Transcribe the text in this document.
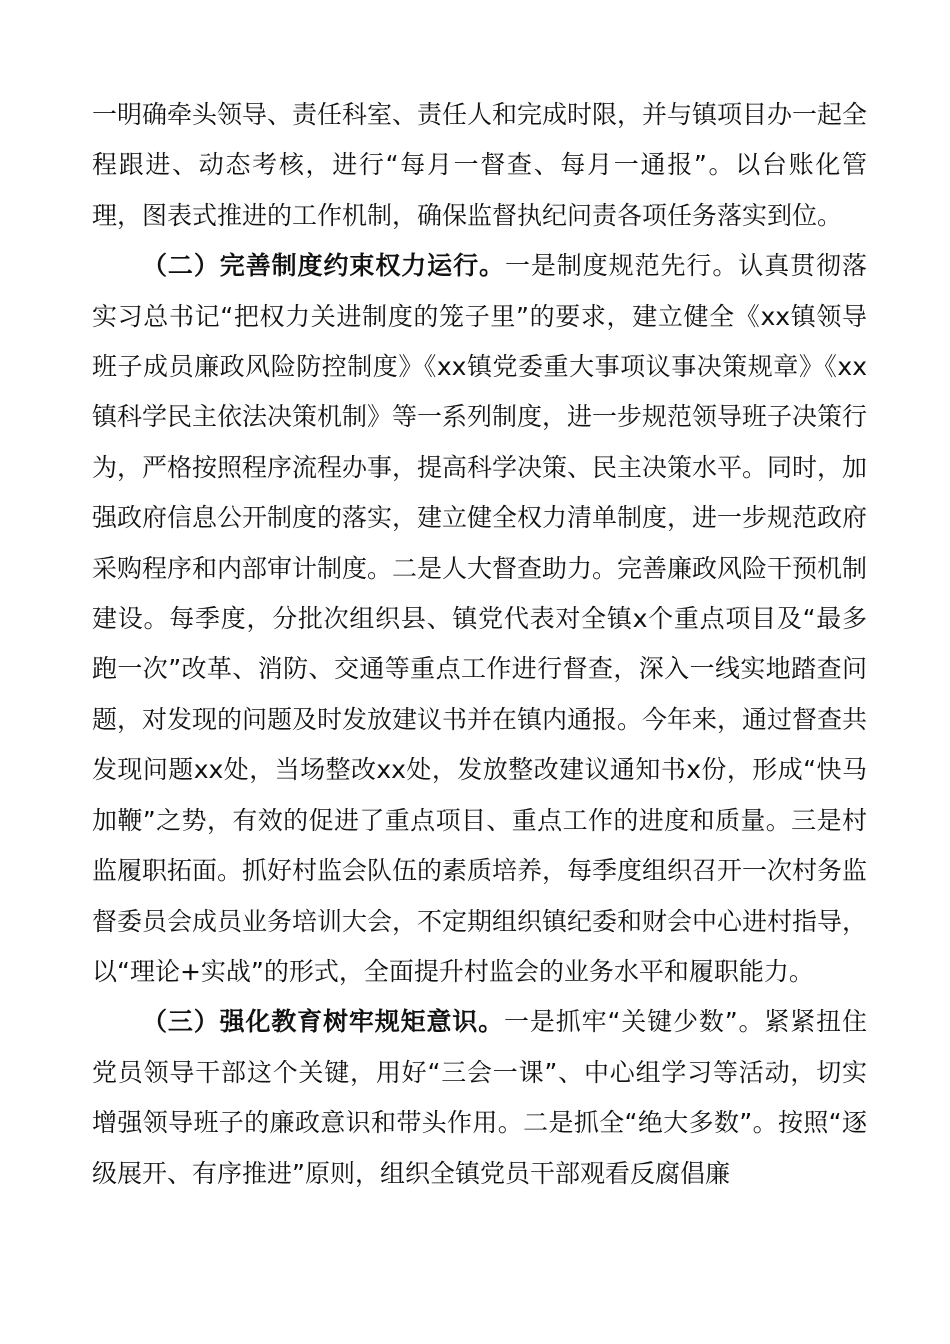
一明确牵头领导、责任科室、责任人和完成时限，并与镇项目办一起全程跟进、动态考核，进行“每月一督查、每月一通报”。以台账化管理，图表式推进的工作机制，确保监督执纪问责各项任务落实到位。

（二）完善制度约束权力运行。一是制度规范先行。认真贯彻落实习总书记“把权力关进制度的笼子里”的要求，建立健全《xx镇领导班子成员廉政风险防控制度》《xx镇党委重大事项议事决策规章》《xx镇科学民主依法决策机制》等一系列制度，进一步规范领导班子决策行为，严格按照程序流程办事，提高科学决策、民主决策水平。同时，加强政府信息公开制度的落实，建立健全权力清单制度，进一步规范政府采购程序和内部审计制度。二是人大督查助力。完善廉政风险干预机制建设。每季度，分批次组织县、镇党代表对全镇x个重点项目及“最多跑一次”改革、消防、交通等重点工作进行督查，深入一线实地踏查问题，对发现的问题及时发放建议书并在镇内通报。今年来，通过督查共发现问题xx处，当场整改xx处，发放整改建议通知书x份，形成“快马加鞭”之势，有效的促进了重点项目、重点工作的进度和质量。三是村监履职拓面。抓好村监会队伍的素质培养，每季度组织召开一次村务监督委员会成员业务培训大会，不定期组织镇纪委和财会中心进村指导，以“理论+实战”的形式，全面提升村监会的业务水平和履职能力。

（三）强化教育树牢规矩意识。一是抓牢“关键少数”。紧紧扭住党员领导干部这个关键，用好“三会一课”、中心组学习等活动，切实增强领导班子的廉政意识和带头作用。二是抓全“绝大多数”。按照“逐级展开、有序推进”原则，组织全镇党员干部观看反腐倡廉
